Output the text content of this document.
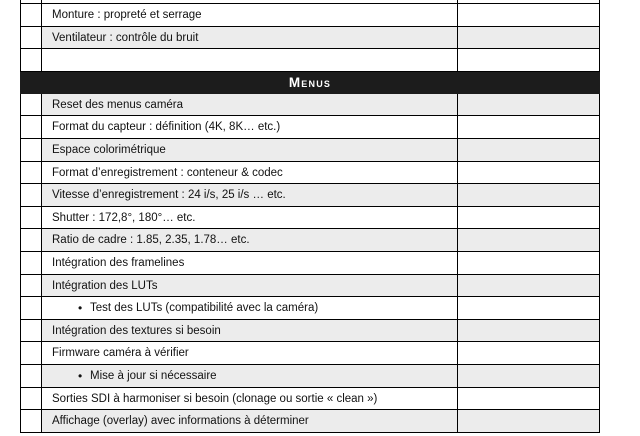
Monture : propreté et serrage
Ventilateur : contrôle du bruit
Menus
Reset des menus caméra
Format du capteur : définition (4K, 8K… etc.)
Espace colorimétrique
Format d’enregistrement : conteneur & codec
Vitesse d’enregistrement : 24 i/s, 25 i/s … etc.
Shutter : 172,8°, 180°… etc.
Ratio de cadre : 1.85, 2.35, 1.78… etc.
Intégration des framelines
Intégration des LUTs
• Test des LUTs (compatibilité avec la caméra)
Intégration des textures si besoin
Firmware caméra à vérifier
• Mise à jour si nécessaire
Sorties SDI à harmoniser si besoin (clonage ou sortie « clean »)
Affichage (overlay) avec informations à déterminer
